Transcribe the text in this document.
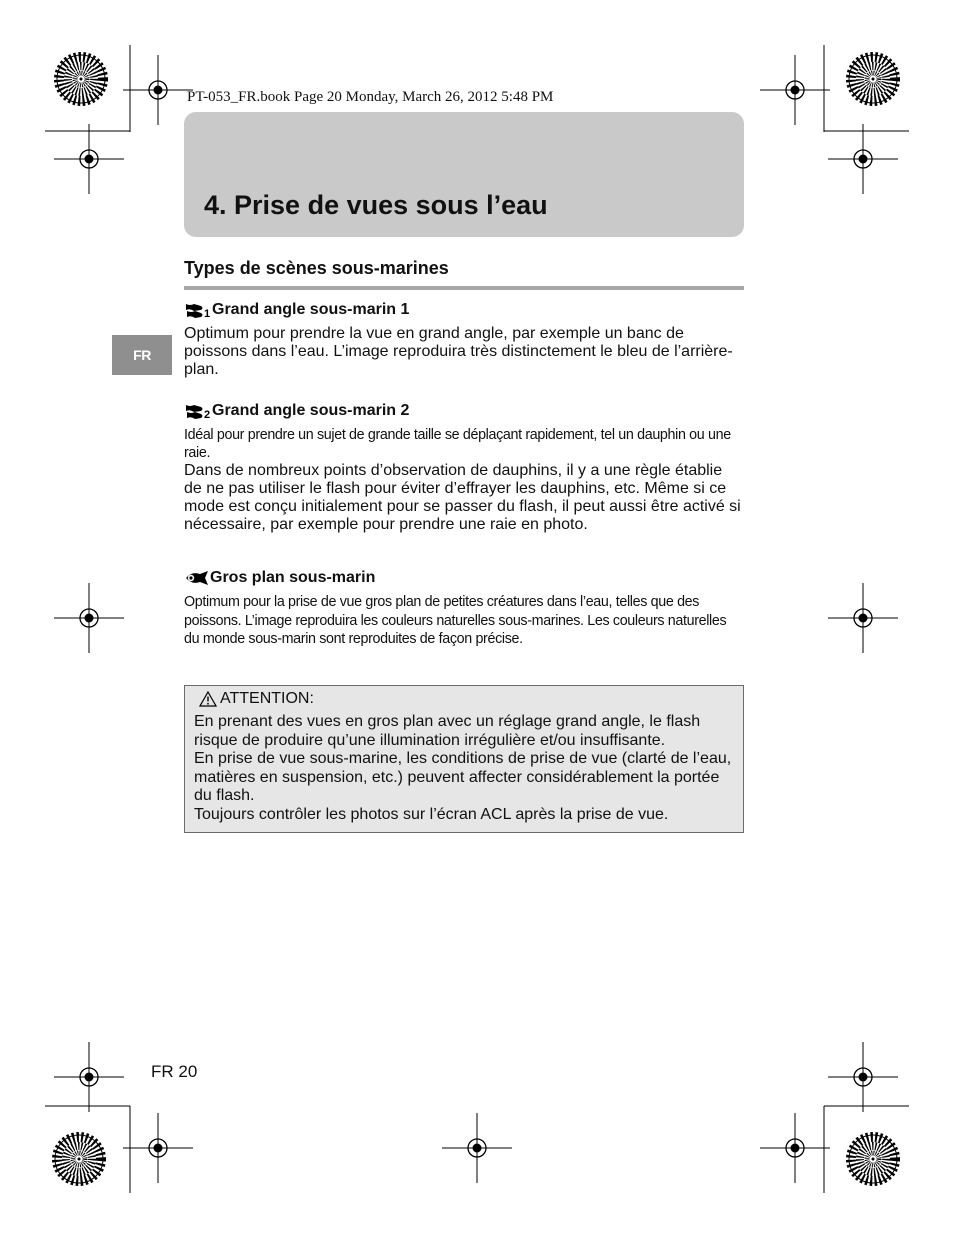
PT-053_FR.book Page 20 Monday, March 26, 2012 5:48 PM
4. Prise de vues sous l’eau
FR
Types de scènes sous-marines
1 Grand angle sous-marin 1

Optimum pour prendre la vue en grand angle, par exemple un banc de poissons dans l’eau. L’image reproduira très distinctement le bleu de l’arrière-plan.

2 Grand angle sous-marin 2

Idéal pour prendre un sujet de grande taille se déplaçant rapidement, tel un dauphin ou une raie.

Dans de nombreux points d’observation de dauphins, il y a une règle établie de ne pas utiliser le flash pour éviter d’effrayer les dauphins, etc. Même si ce mode est conçu initialement pour se passer du flash, il peut aussi être activé si nécessaire, par exemple pour prendre une raie en photo.

Gros plan sous-marin

Optimum pour la prise de vue gros plan de petites créatures dans l’eau, telles que des poissons. L’image reproduira les couleurs naturelles sous-marines. Les couleurs naturelles du monde sous-marin sont reproduites de façon précise.

ATTENTION:

En prenant des vues en gros plan avec un réglage grand angle, le flash risque de produire qu’une illumination irrégulière et/ou insuffisante.

En prise de vue sous-marine, les conditions de prise de vue (clarté de l’eau, matières en suspension, etc.) peuvent affecter considérablement la portée du flash.

Toujours contrôler les photos sur l’écran ACL après la prise de vue.

FR 20
